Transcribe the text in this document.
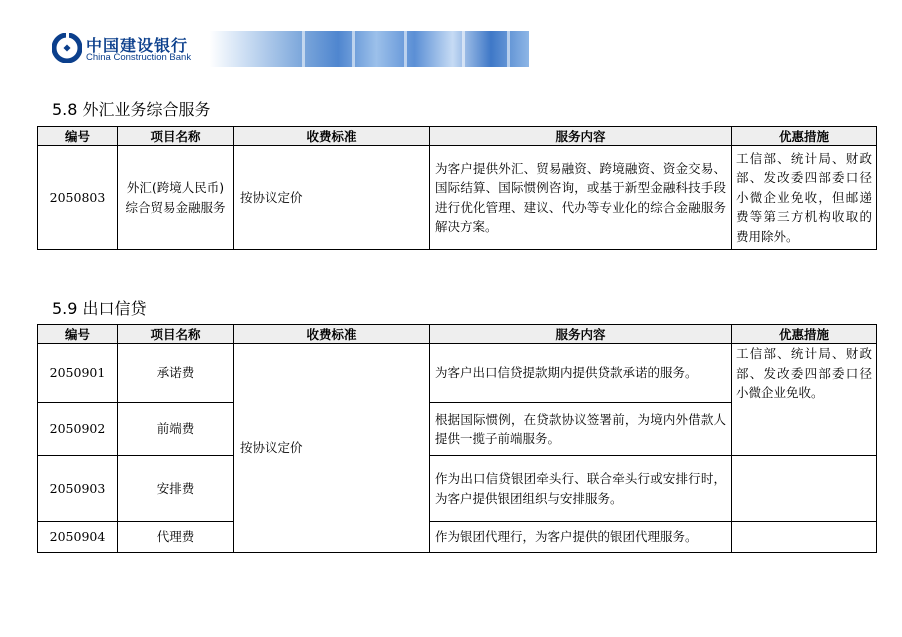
中国建设银行
China Construction Bank
5.8 外汇业务综合服务
编号	项目名称	收费标准	服务内容	优惠措施
2050803	外汇(跨境人民币)综合贸易金融服务	按协议定价	为客户提供外汇、贸易融资、跨境融资、资金交易、国际结算、国际惯例咨询，或基于新型金融科技手段进行优化管理、建议、代办等专业化的综合金融服务解决方案。	工信部、统计局、财政部、发改委四部委口径小微企业免收，但邮递费等第三方机构收取的费用除外。
5.9 出口信贷
编号	项目名称	收费标准	服务内容	优惠措施
2050901	承诺费	按协议定价	为客户出口信贷提款期内提供贷款承诺的服务。	工信部、统计局、财政部、发改委四部委口径小微企业免收。
2050902	前端费		根据国际惯例，在贷款协议签署前，为境内外借款人提供一揽子前端服务。	
2050903	安排费		作为出口信贷银团牵头行、联合牵头行或安排行时，为客户提供银团组织与安排服务。	
2050904	代理费		作为银团代理行，为客户提供的银团代理服务。	
